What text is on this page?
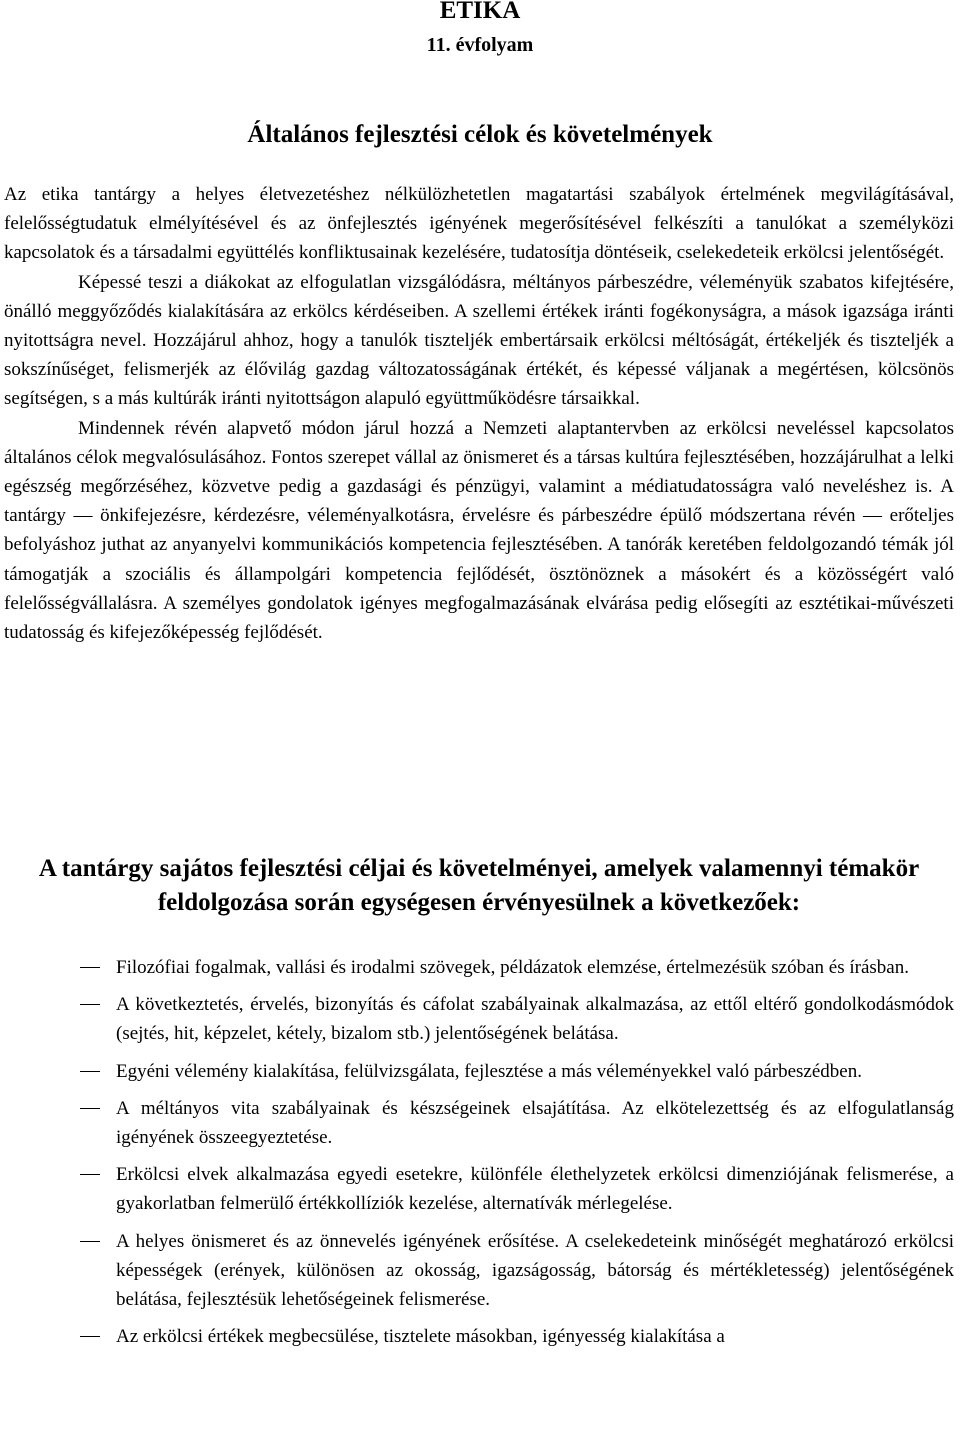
ETIKA
11. évfolyam
Általános fejlesztési célok és követelmények

Az etika tantárgy a helyes életvezetéshez nélkülözhetetlen magatartási szabályok értelmének megvilágításával, felelősségtudatuk elmélyítésével és az önfejlesztés igényének megerősítésével felkészíti a tanulókat a személyközi kapcsolatok és a társadalmi együttélés konfliktusainak kezelésére, tudatosítja döntéseik, cselekedeteik erkölcsi jelentőségét.

Képessé teszi a diákokat az elfogulatlan vizsgálódásra, méltányos párbeszédre, véleményük szabatos kifejtésére, önálló meggyőződés kialakítására az erkölcs kérdéseiben. A szellemi értékek iránti fogékonyságra, a mások igazsága iránti nyitottságra nevel. Hozzájárul ahhoz, hogy a tanulók tiszteljék embertársaik erkölcsi méltóságát, értékeljék és tiszteljék a sokszínűséget, felismerjék az élővilág gazdag változatosságának értékét, és képessé váljanak a megértésen, kölcsönös segítségen, s a más kultúrák iránti nyitottságon alapuló együttműködésre társaikkal.

Mindennek révén alapvető módon járul hozzá a Nemzeti alaptantervben az erkölcsi neveléssel kapcsolatos általános célok megvalósulásához. Fontos szerepet vállal az önismeret és a társas kultúra fejlesztésében, hozzájárulhat a lelki egészség megőrzéséhez, közvetve pedig a gazdasági és pénzügyi, valamint a médiatudatosságra való neveléshez is. A tantárgy — önkifejezésre, kérdezésre, véleményalkotásra, érvelésre és párbeszédre épülő módszertana révén — erőteljes befolyáshoz juthat az anyanyelvi kommunikációs kompetencia fejlesztésében. A tanórák keretében feldolgozandó témák jól támogatják a szociális és állampolgári kompetencia fejlődését, ösztönöznek a másokért és a közösségért való felelősségvállalásra. A személyes gondolatok igényes megfogalmazásának elvárása pedig elősegíti az esztétikai-művészeti tudatosság és kifejezőképesség fejlődését.

A tantárgy sajátos fejlesztési céljai és követelményei, amelyek valamennyi témakör feldolgozása során egységesen érvényesülnek a következőek:
Filozófiai fogalmak, vallási és irodalmi szövegek, példázatok elemzése, értelmezésük szóban és írásban.
A következtetés, érvelés, bizonyítás és cáfolat szabályainak alkalmazása, az ettől eltérő gondolkodásmódok (sejtés, hit, képzelet, kétely, bizalom stb.) jelentőségének belátása.
Egyéni vélemény kialakítása, felülvizsgálata, fejlesztése a más véleményekkel való párbeszédben.
A méltányos vita szabályainak és készségeinek elsajátítása. Az elkötelezettség és az elfogulatlanság igényének összeegyeztetése.
Erkölcsi elvek alkalmazása egyedi esetekre, különféle élethelyzetek erkölcsi dimenziójának felismerése, a gyakorlatban felmerülő értékkollíziók kezelése, alternatívák mérlegelése.
A helyes önismeret és az önnevelés igényének erősítése. A cselekedeteink minőségét meghatározó erkölcsi képességek (erények, különösen az okosság, igazságosság, bátorság és mértékletesség) jelentőségének belátása, fejlesztésük lehetőségeinek felismerése.
Az erkölcsi értékek megbecsülése, tisztelete másokban, igényesség kialakítása a
